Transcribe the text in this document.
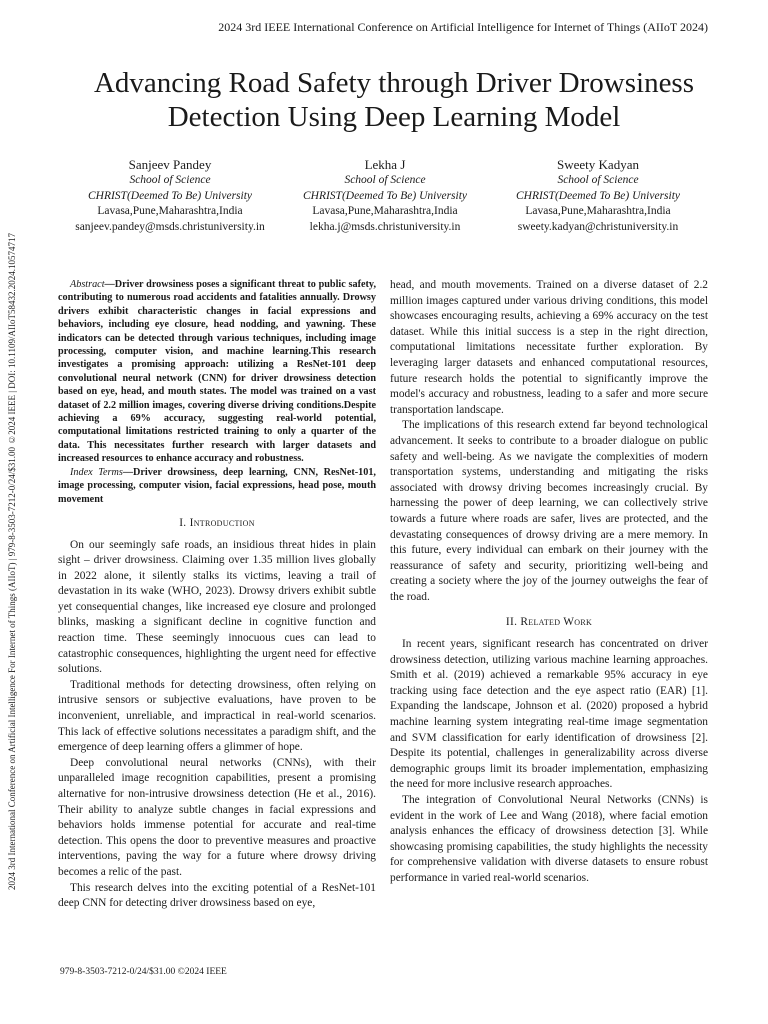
2024 3rd IEEE International Conference on Artificial Intelligence for Internet of Things (AIIoT 2024)
2024 3rd International Conference on Artificial Intelligence For Internet of Things (AIIoT) | 979-8-3503-7212-0/24/$31.00 ©2024 IEEE | DOI: 10.1109/AIIoT58432.2024.10574717
Advancing Road Safety through Driver Drowsiness Detection Using Deep Learning Model
Sanjeev Pandey
School of Science
CHRIST(Deemed To Be) University
Lavasa,Pune,Maharashtra,India
sanjeev.pandey@msds.christuniversity.in
Lekha J
School of Science
CHRIST(Deemed To Be) University
Lavasa,Pune,Maharashtra,India
lekha.j@msds.christuniversity.in
Sweety Kadyan
School of Science
CHRIST(Deemed To Be) University
Lavasa,Pune,Maharashtra,India
sweety.kadyan@christuniversity.in

Abstract—Driver drowsiness poses a significant threat to public safety, contributing to numerous road accidents and fatalities annually. Drowsy drivers exhibit characteristic changes in facial expressions and behaviors, including eye closure, head nodding, and yawning. These indicators can be detected through various techniques, including image processing, computer vision, and machine learning.This research investigates a promising approach: utilizing a ResNet-101 deep convolutional neural network (CNN) for driver drowsiness detection based on eye, head, and mouth states. The model was trained on a vast dataset of 2.2 million images, covering diverse driving conditions.Despite achieving a 69% accuracy, suggesting real-world potential, computational limitations restricted training to only a quarter of the data. This necessitates further research with larger datasets and increased resources to enhance accuracy and robustness.

Index Terms—Driver drowsiness, deep learning, CNN, ResNet-101, image processing, computer vision, facial expressions, head pose, mouth movement

I. Introduction

On our seemingly safe roads, an insidious threat hides in plain sight – driver drowsiness. Claiming over 1.35 million lives globally in 2022 alone, it silently stalks its victims, leaving a trail of devastation in its wake (WHO, 2023). Drowsy drivers exhibit subtle yet consequential changes, like increased eye closure and prolonged blinks, masking a significant decline in cognitive function and reaction time. These seemingly innocuous cues can lead to catastrophic consequences, highlighting the urgent need for effective solutions.

Traditional methods for detecting drowsiness, often relying on intrusive sensors or subjective evaluations, have proven to be inconvenient, unreliable, and impractical in real-world scenarios. This lack of effective solutions necessitates a paradigm shift, and the emergence of deep learning offers a glimmer of hope.

Deep convolutional neural networks (CNNs), with their unparalleled image recognition capabilities, present a promising alternative for non-intrusive drowsiness detection (He et al., 2016). Their ability to analyze subtle changes in facial expressions and behaviors holds immense potential for accurate and real-time detection. This opens the door to preventive measures and proactive interventions, paving the way for a future where drowsy driving becomes a relic of the past.

This research delves into the exciting potential of a ResNet-101 deep CNN for detecting driver drowsiness based on eye,

head, and mouth movements. Trained on a diverse dataset of 2.2 million images captured under various driving conditions, this model showcases encouraging results, achieving a 69% accuracy on the test dataset. While this initial success is a step in the right direction, computational limitations necessitate further exploration. By leveraging larger datasets and enhanced computational resources, future research holds the potential to significantly improve the model's accuracy and robustness, leading to a safer and more secure transportation landscape.

The implications of this research extend far beyond technological advancement. It seeks to contribute to a broader dialogue on public safety and well-being. As we navigate the complexities of modern transportation systems, understanding and mitigating the risks associated with drowsy driving becomes increasingly crucial. By harnessing the power of deep learning, we can collectively strive towards a future where roads are safer, lives are protected, and the devastating consequences of drowsy driving are a mere memory. In this future, every individual can embark on their journey with the reassurance of safety and security, prioritizing well-being and creating a society where the joy of the journey outweighs the fear of the road.

II. Related Work

In recent years, significant research has concentrated on driver drowsiness detection, utilizing various machine learning approaches. Smith et al. (2019) achieved a remarkable 95% accuracy in eye tracking using face detection and the eye aspect ratio (EAR) [1]. Expanding the landscape, Johnson et al. (2020) proposed a hybrid machine learning system integrating real-time image segmentation and SVM classification for early identification of drowsiness [2]. Despite its potential, challenges in generalizability across diverse demographic groups limit its broader implementation, emphasizing the need for more inclusive research approaches.

The integration of Convolutional Neural Networks (CNNs) is evident in the work of Lee and Wang (2018), where facial emotion analysis enhances the efficacy of drowsiness detection [3]. While showcasing promising capabilities, the study highlights the necessity for comprehensive validation with diverse datasets to ensure robust performance in varied real-world scenarios.

979-8-3503-7212-0/24/$31.00 ©2024 IEEE
